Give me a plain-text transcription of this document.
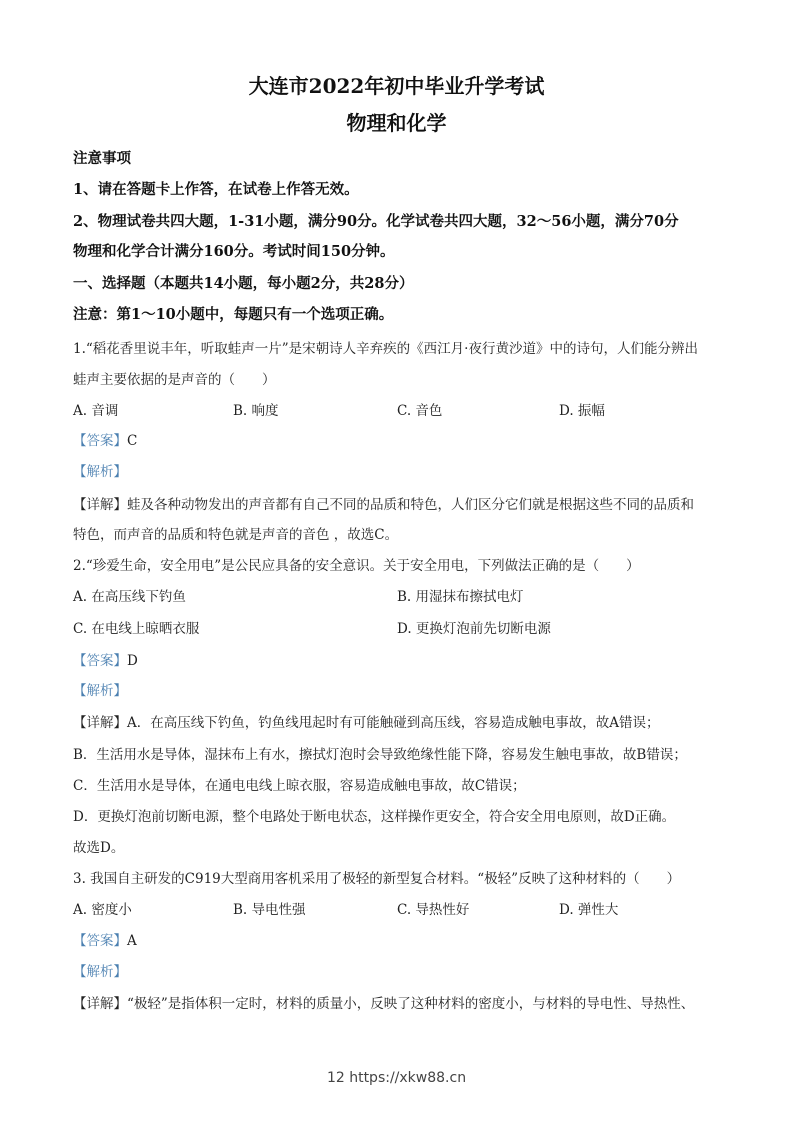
大连市2022年初中毕业升学考试
物理和化学
注意事项
1、请在答题卡上作答，在试卷上作答无效。
2、物理试卷共四大题，1-31小题，满分90分。化学试卷共四大题，32～56小题，满分70分
物理和化学合计满分160分。考试时间150分钟。
一、选择题（本题共14小题，每小题2分，共28分）
注意：第1～10小题中，每题只有一个选项正确。
1.“稻花香里说丰年，听取蛙声一片”是宋朝诗人辛弃疾的《西江月·夜行黄沙道》中的诗句，人们能分辨出
蛙声主要依据的是声音的（　　）
A. 音调	B. 响度	C. 音色	D. 振幅
【答案】C
【解析】
【详解】蛙及各种动物发出的声音都有自己不同的品质和特色，人们区分它们就是根据这些不同的品质和
特色，而声音的品质和特色就是声音的音色 ，故选C。
2.“珍爱生命，安全用电”是公民应具备的安全意识。关于安全用电，下列做法正确的是（　　）
A. 在高压线下钓鱼	B. 用湿抹布擦拭电灯
C. 在电线上晾晒衣服	D. 更换灯泡前先切断电源
【答案】D
【解析】
【详解】A．在高压线下钓鱼，钓鱼线甩起时有可能触碰到高压线，容易造成触电事故，故A错误；
B．生活用水是导体，湿抹布上有水，擦拭灯泡时会导致绝缘性能下降，容易发生触电事故，故B错误；
C．生活用水是导体，在通电电线上晾衣服，容易造成触电事故，故C错误；
D．更换灯泡前切断电源，整个电路处于断电状态，这样操作更安全，符合安全用电原则，故D正确。
故选D。
3. 我国自主研发的C919大型商用客机采用了极轻的新型复合材料。“极轻”反映了这种材料的（　　）
A. 密度小	B. 导电性强	C. 导热性好	D. 弹性大
【答案】A
【解析】
【详解】“极轻”是指体积一定时，材料的质量小，反映了这种材料的密度小，与材料的导电性、导热性、
12 https://xkw88.cn
